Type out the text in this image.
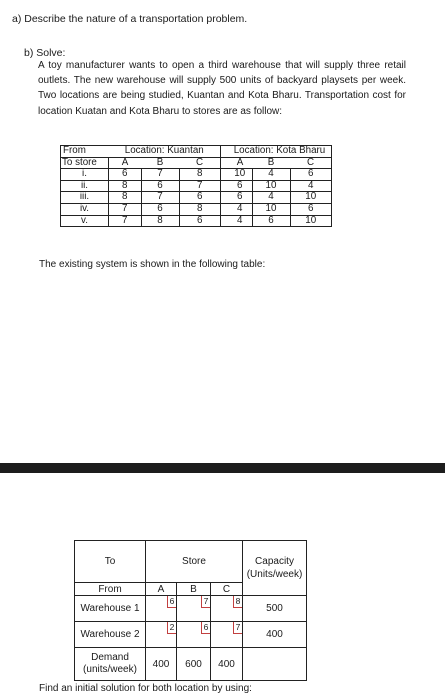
a) Describe the nature of a transportation problem.
b) Solve:

A toy manufacturer wants to open a third warehouse that will supply three retail outlets. The new warehouse will supply 500 units of backyard playsets per week. Two locations are being studied, Kuantan and Kota Bharu. Transportation cost for location Kuatan and Kota Bharu to stores are as follow:

From	Location: Kuantan				Location: Kota Bharu		
To store	A	B	C		A	B	C
i.	6	7	8		10	4	6
ii.	8	6	7		6	10	4
iii.	8	7	6		6	4	10
iv.	7	6	8		4	10	6
v.	7	8	6		4	6	10
The existing system is shown in the following table:
To	Store			Capacity (Units/week)
From	A	B	C	
Warehouse 1	6	7	8	500
Warehouse 2	2	6	7	400
Demand (units/week)	400	600	400	
Find an initial solution for both location by using:
